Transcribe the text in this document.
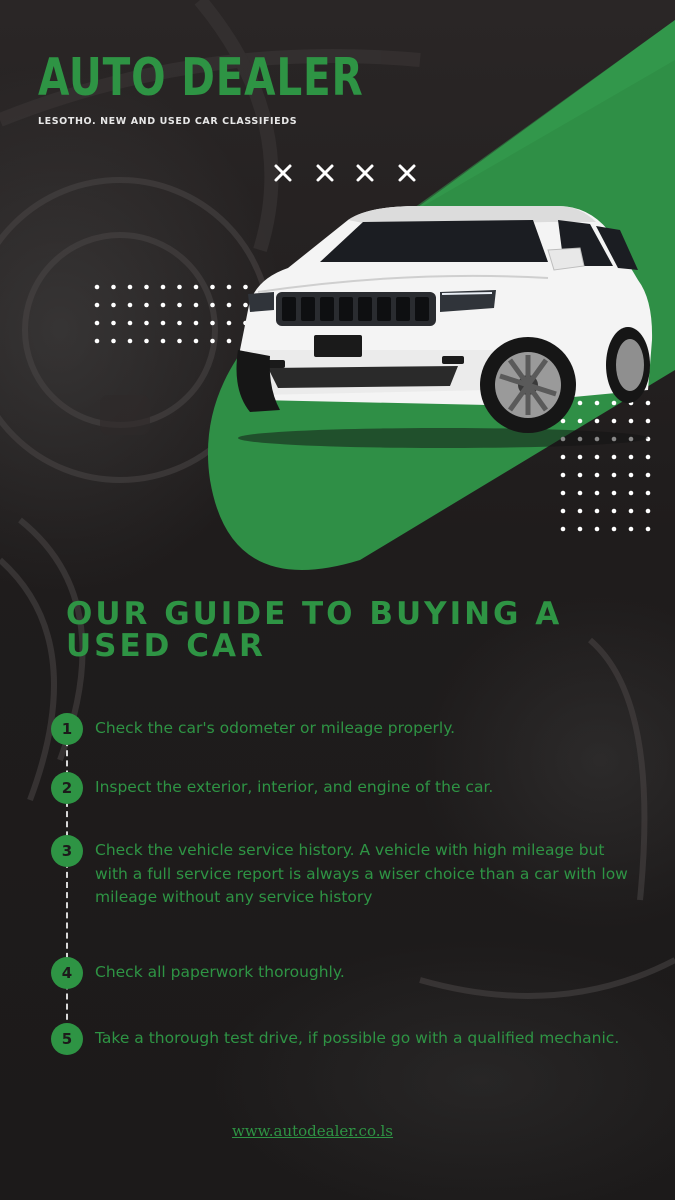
AUTO DEALER
LESOTHO. NEW AND USED CAR CLASSIFIEDS
OUR GUIDE TO BUYING A USED CAR
1	Check the car's odometer or mileage properly.
2	Inspect the exterior, interior, and engine of the car.
3	Check the vehicle service history. A vehicle with high mileage but with a full service report is always a wiser choice than a car with low mileage without any service history
4	Check all paperwork thoroughly.
5	Take a thorough test drive, if possible go with a qualified mechanic.
www.autodealer.co.ls
